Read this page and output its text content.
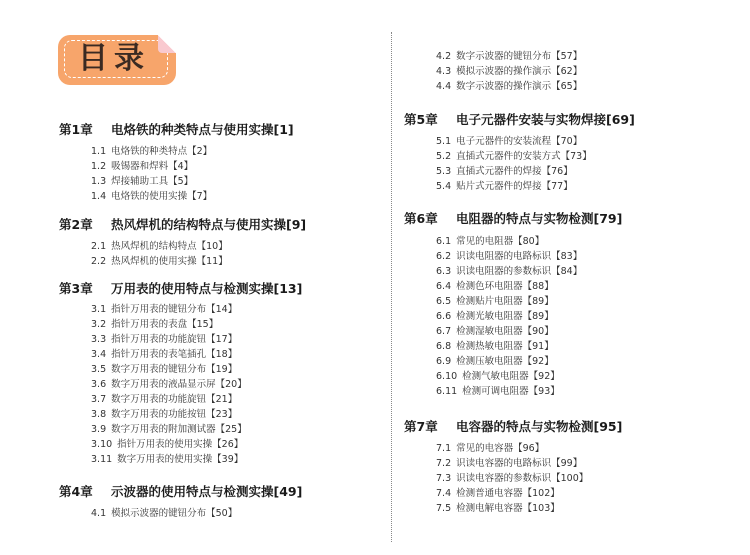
目录
第1章 电烙铁的种类特点与使用实操[1]
1.1 电烙铁的种类特点【2】
1.2 吸锡器和焊料【4】
1.3 焊接辅助工具【5】
1.4 电烙铁的使用实操【7】
第2章 热风焊机的结构特点与使用实操[9]
2.1 热风焊机的结构特点【10】
2.2 热风焊机的使用实操【11】
第3章 万用表的使用特点与检测实操[13]
3.1 指针万用表的键钮分布【14】
3.2 指针万用表的表盘【15】
3.3 指针万用表的功能旋钮【17】
3.4 指针万用表的表笔插孔【18】
3.5 数字万用表的键钮分布【19】
3.6 数字万用表的液晶显示屏【20】
3.7 数字万用表的功能旋钮【21】
3.8 数字万用表的功能按钮【23】
3.9 数字万用表的附加测试器【25】
3.10 指针万用表的使用实操【26】
3.11 数字万用表的使用实操【39】
第4章 示波器的使用特点与检测实操[49]
4.1 模拟示波器的键钮分布【50】
4.2 数字示波器的键钮分布【57】
4.3 模拟示波器的操作演示【62】
4.4 数字示波器的操作演示【65】
第5章 电子元器件安装与实物焊接[69]
5.1 电子元器件的安装流程【70】
5.2 直插式元器件的安装方式【73】
5.3 直插式元器件的焊接【76】
5.4 贴片式元器件的焊接【77】
第6章 电阻器的特点与实物检测[79]
6.1 常见的电阻器【80】
6.2 识读电阻器的电路标识【83】
6.3 识读电阻器的参数标识【84】
6.4 检测色环电阻器【88】
6.5 检测贴片电阻器【89】
6.6 检测光敏电阻器【89】
6.7 检测湿敏电阻器【90】
6.8 检测热敏电阻器【91】
6.9 检测压敏电阻器【92】
6.10 检测气敏电阻器【92】
6.11 检测可调电阻器【93】
第7章 电容器的特点与实物检测[95]
7.1 常见的电容器【96】
7.2 识读电容器的电路标识【99】
7.3 识读电容器的参数标识【100】
7.4 检测普通电容器【102】
7.5 检测电解电容器【103】
